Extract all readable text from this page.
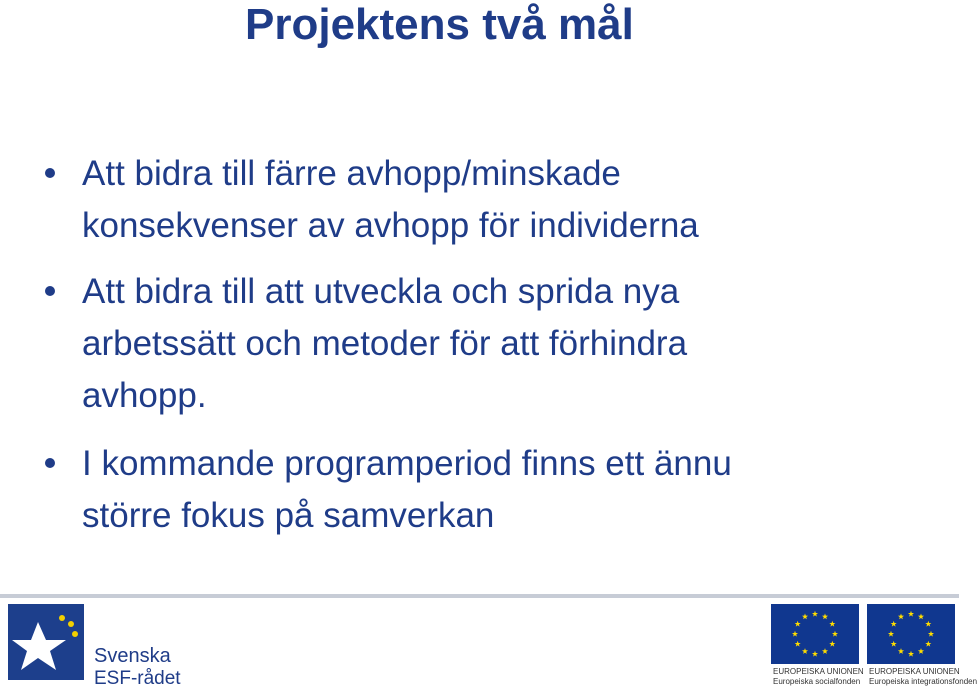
Projektens två mål
Att bidra till färre avhopp/minskade
konsekvenser av avhopp för individerna
Att bidra till att utveckla och sprida nya
arbetssätt och metoder för att förhindra
avhopp.
I kommande programperiod finns ett ännu
större fokus på samverkan
Svenska
ESF-rådet	EUROPEISKA UNIONEN
Europeiska socialfonden
EUROPEISKA UNIONEN
Europeiska integrationsfonden
